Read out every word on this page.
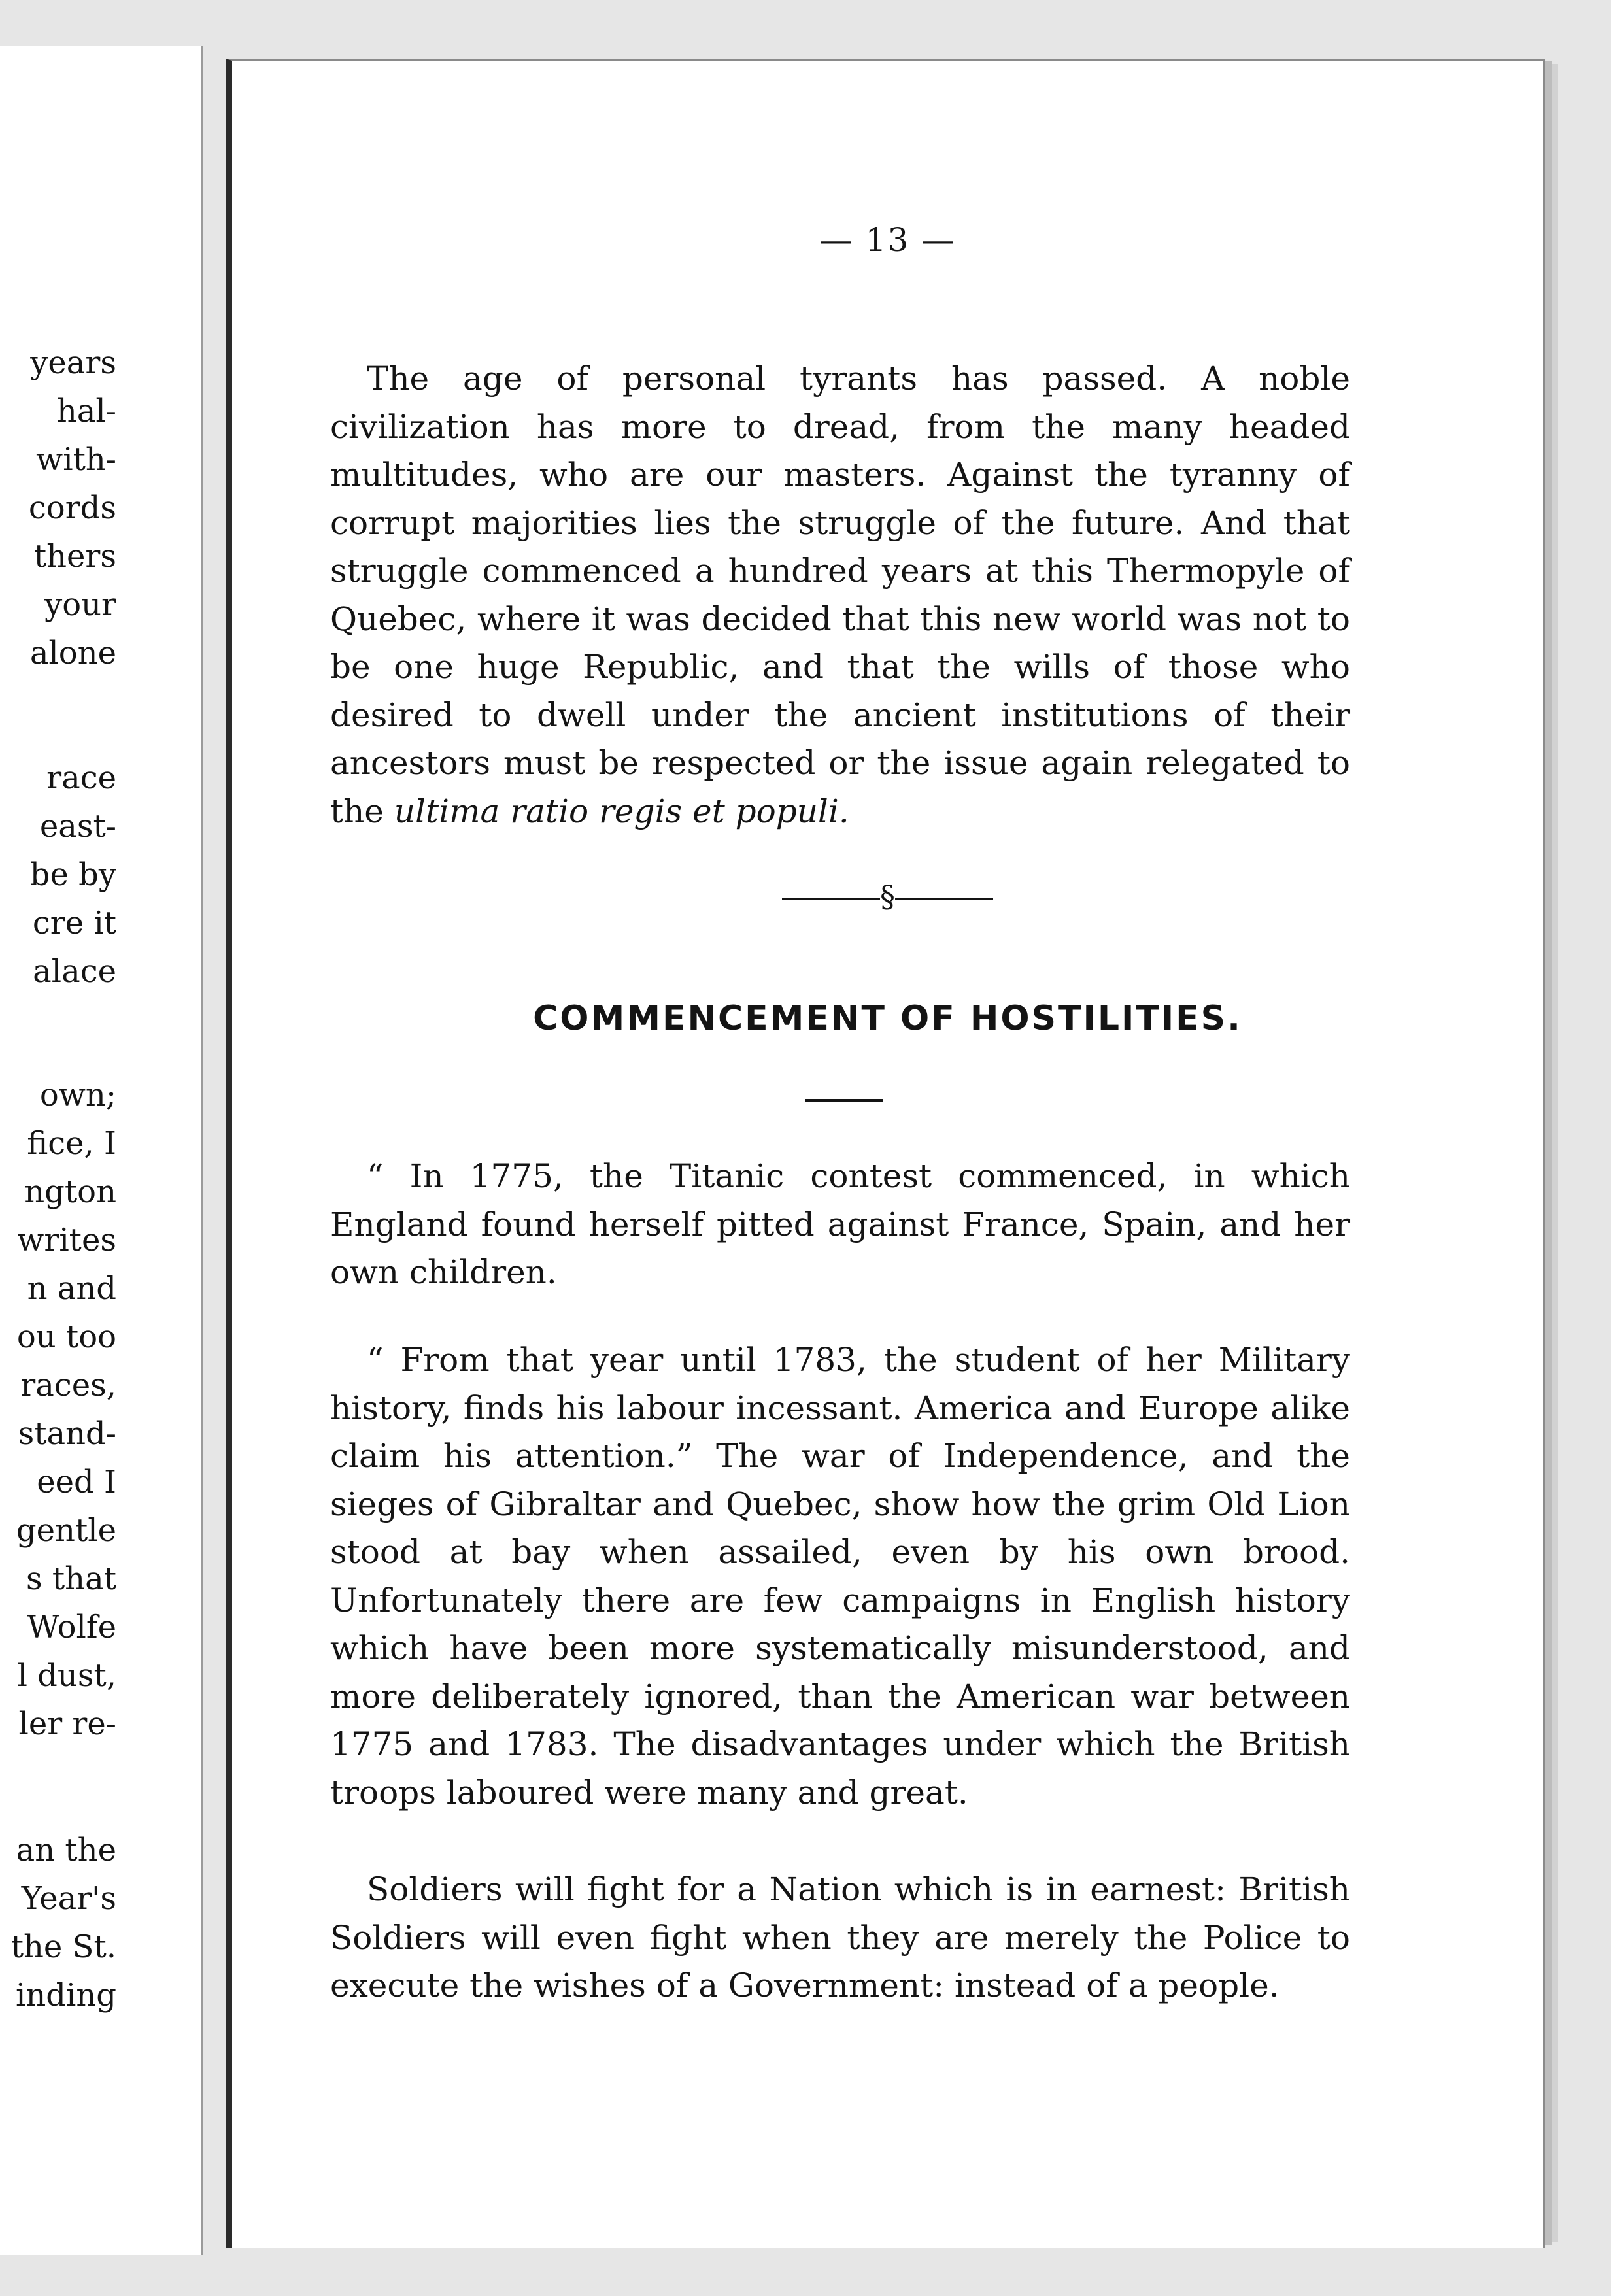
years
hal-
with-
cords
thers
your
alone
race
east-
be by
cre it
alace
own;
fice, I
ngton
writes
n and
ou too
races,
stand-
eed I
gentle
s that
Wolfe
l dust,
ler re-
an the
Year's
the St.
inding
— 13 —

The age of personal tyrants has passed. A noble civilization has more to dread, from the many headed multitudes, who are our masters. Against the tyranny of corrupt majorities lies the struggle of the future. And that struggle commenced a hundred years at this Thermopyle of Quebec, where it was decided that this new world was not to be one huge Republic, and that the wills of those who desired to dwell under the ancient institutions of their ancestors must be respected or the issue again relegated to the ultima ratio regis et populi.

§
COMMENCEMENT OF HOSTILITIES.

“ In 1775, the Titanic contest commenced, in which England found herself pitted against France, Spain, and her own children.

“ From that year until 1783, the student of her Military history, finds his labour incessant. America and Europe alike claim his attention.” The war of Independence, and the sieges of Gibraltar and Quebec, show how the grim Old Lion stood at bay when assailed, even by his own brood. Unfortunately there are few campaigns in English history which have been more systematically misunderstood, and more deliberately ignored, than the American war between 1775 and 1783. The disadvantages under which the British troops laboured were many and great.

Soldiers will fight for a Nation which is in earnest: British Soldiers will even fight when they are merely the Police to execute the wishes of a Government: instead of a people.
